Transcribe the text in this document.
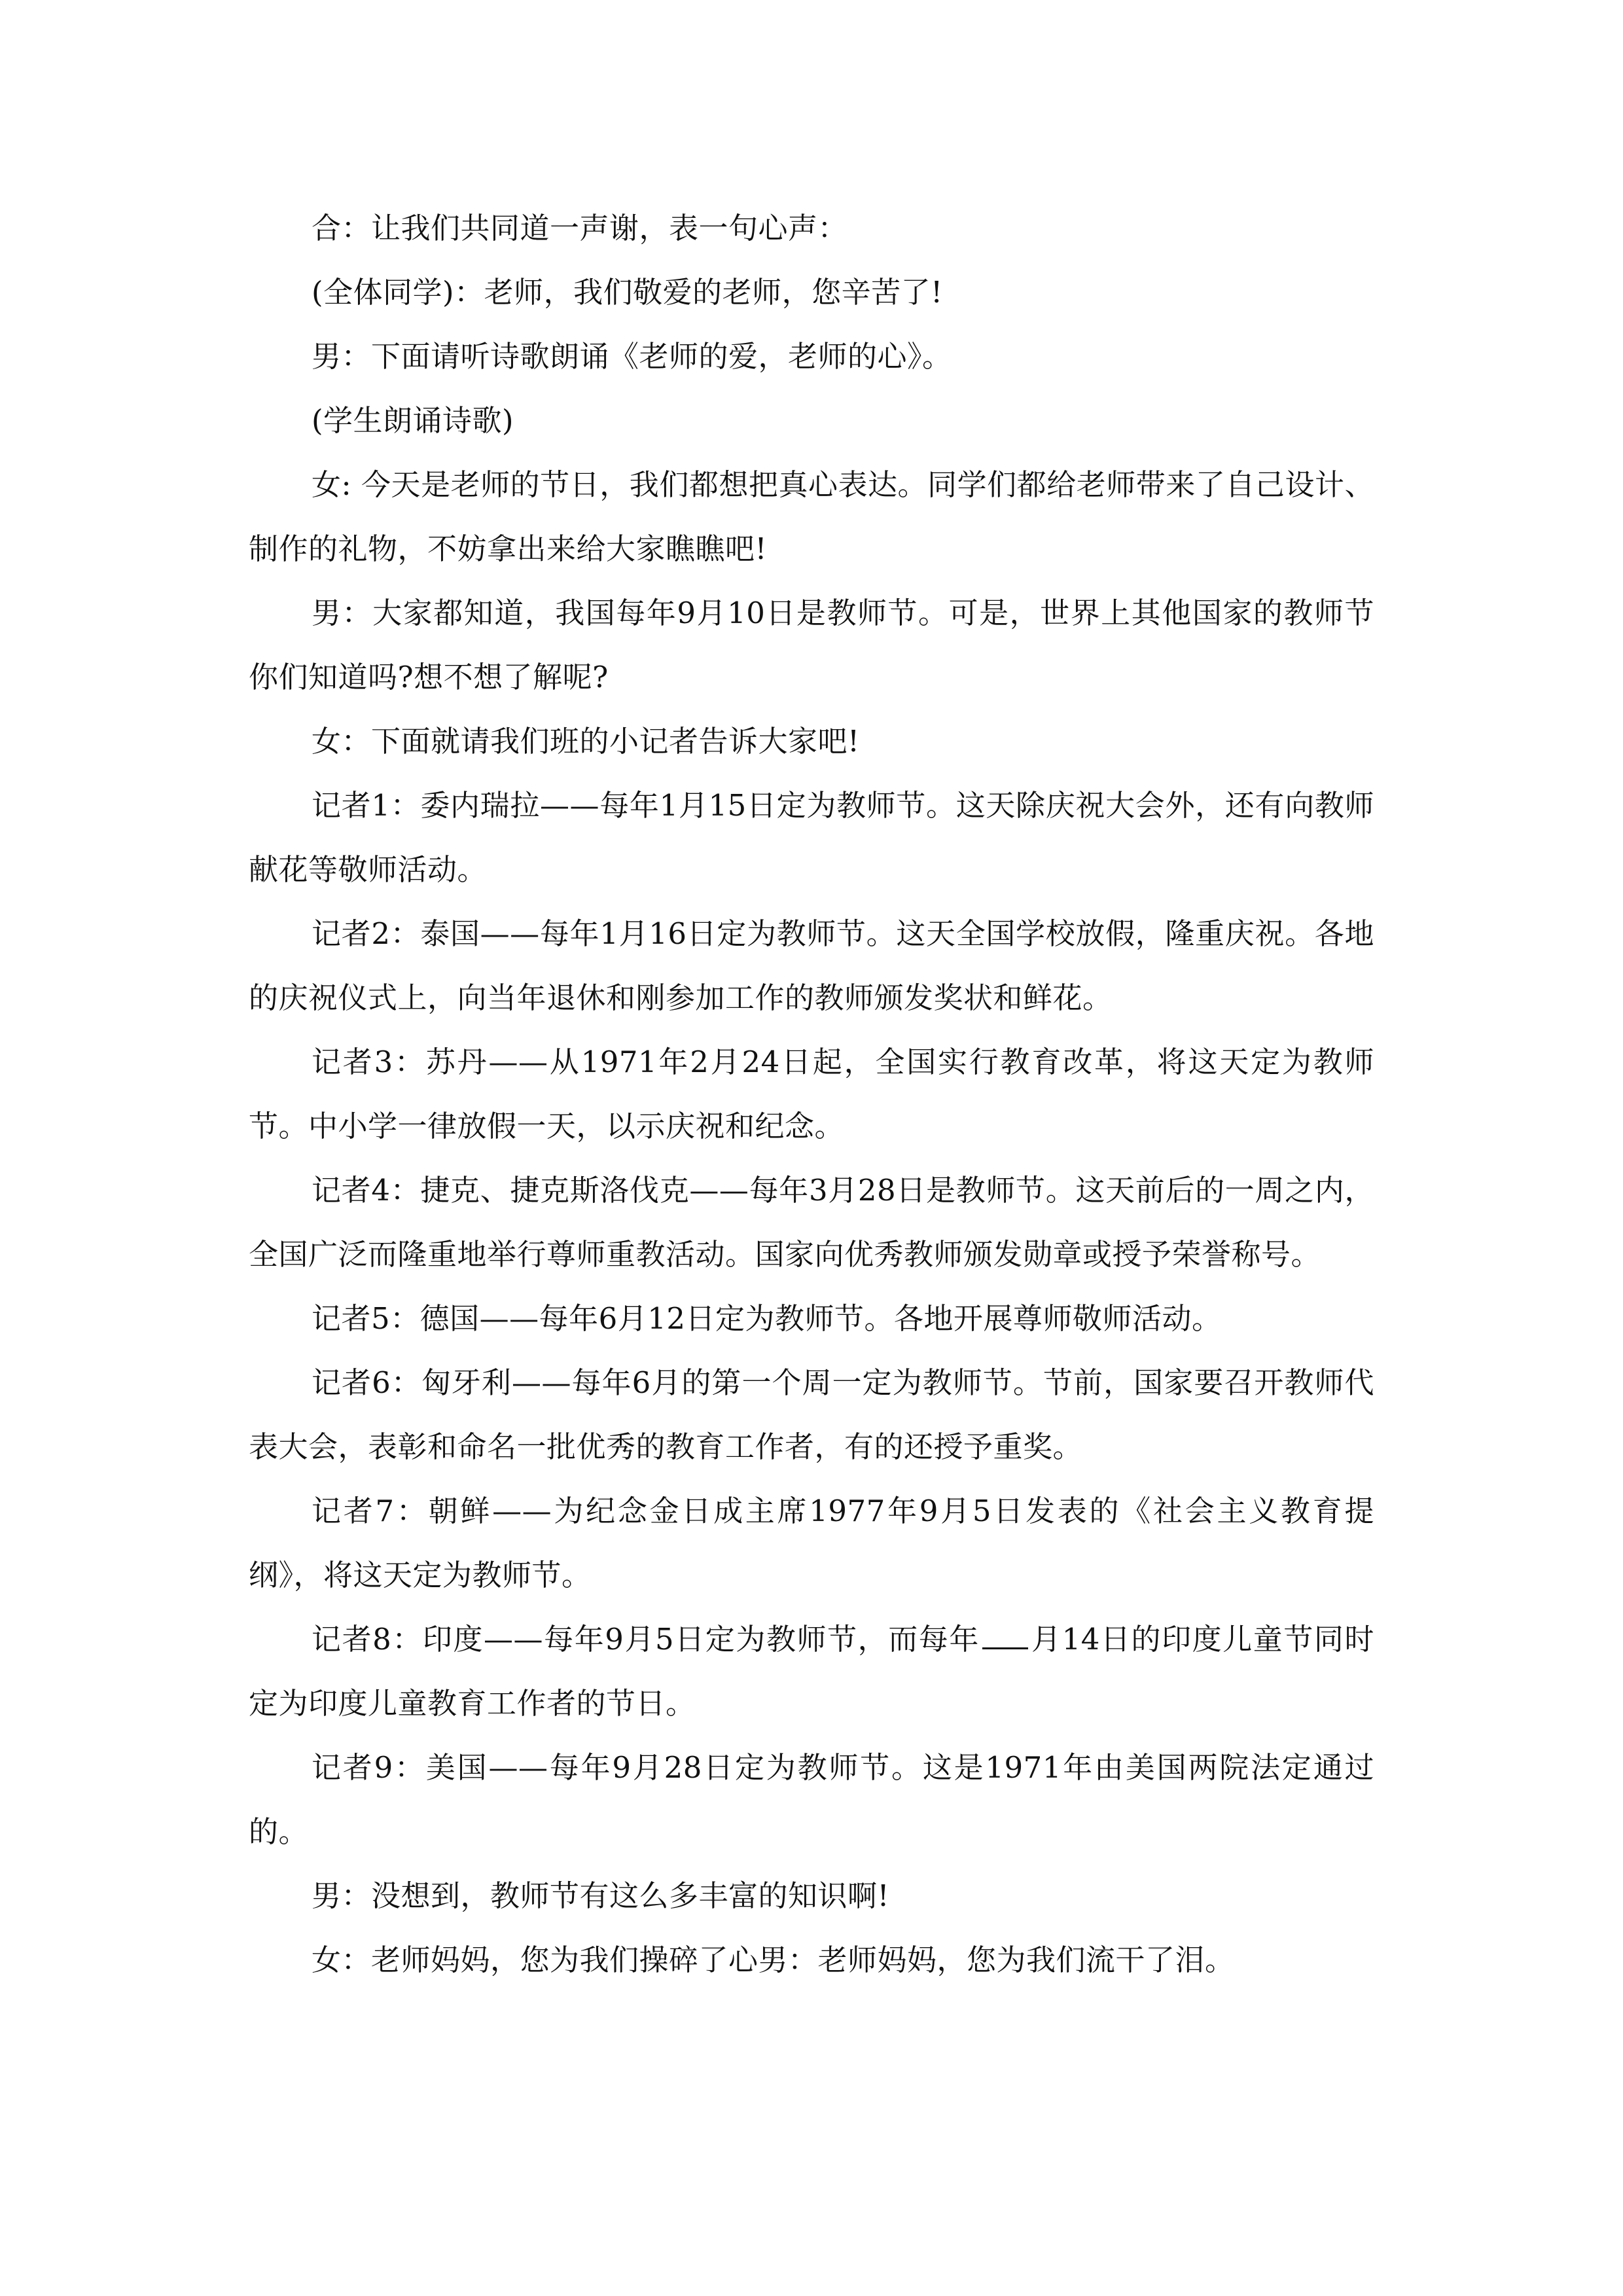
合：让我们共同道一声谢，表一句心声：

(全体同学)：老师，我们敬爱的老师，您辛苦了!

男：下面请听诗歌朗诵《老师的爱，老师的心》。

(学生朗诵诗歌)

女: 今天是老师的节日，我们都想把真心表达。同学们都给老师带来了自己设计、制作的礼物，不妨拿出来给大家瞧瞧吧!

男：大家都知道，我国每年9月10日是教师节。可是，世界上其他国家的教师节你们知道吗?想不想了解呢?

女：下面就请我们班的小记者告诉大家吧!

记者1：委内瑞拉——每年1月15日定为教师节。这天除庆祝大会外，还有向教师献花等敬师活动。

记者2：泰国——每年1月16日定为教师节。这天全国学校放假，隆重庆祝。各地的庆祝仪式上，向当年退休和刚参加工作的教师颁发奖状和鲜花。

记者3：苏丹——从1971年2月24日起，全国实行教育改革，将这天定为教师节。中小学一律放假一天，以示庆祝和纪念。

记者4：捷克、捷克斯洛伐克——每年3月28日是教师节。这天前后的一周之内，全国广泛而隆重地举行尊师重教活动。国家向优秀教师颁发勋章或授予荣誉称号。

记者5：德国——每年6月12日定为教师节。各地开展尊师敬师活动。

记者6：匈牙利——每年6月的第一个周一定为教师节。节前，国家要召开教师代表大会，表彰和命名一批优秀的教育工作者，有的还授予重奖。

记者7：朝鲜——为纪念金日成主席1977年9月5日发表的《社会主义教育提纲》，将这天定为教师节。

记者8：印度——每年9月5日定为教师节，而每年 月14日的印度儿童节同时定为印度儿童教育工作者的节日。

记者9：美国——每年9月28日定为教师节。这是1971年由美国两院法定通过的。

男：没想到，教师节有这么多丰富的知识啊!

女：老师妈妈，您为我们操碎了心男：老师妈妈，您为我们流干了泪。
